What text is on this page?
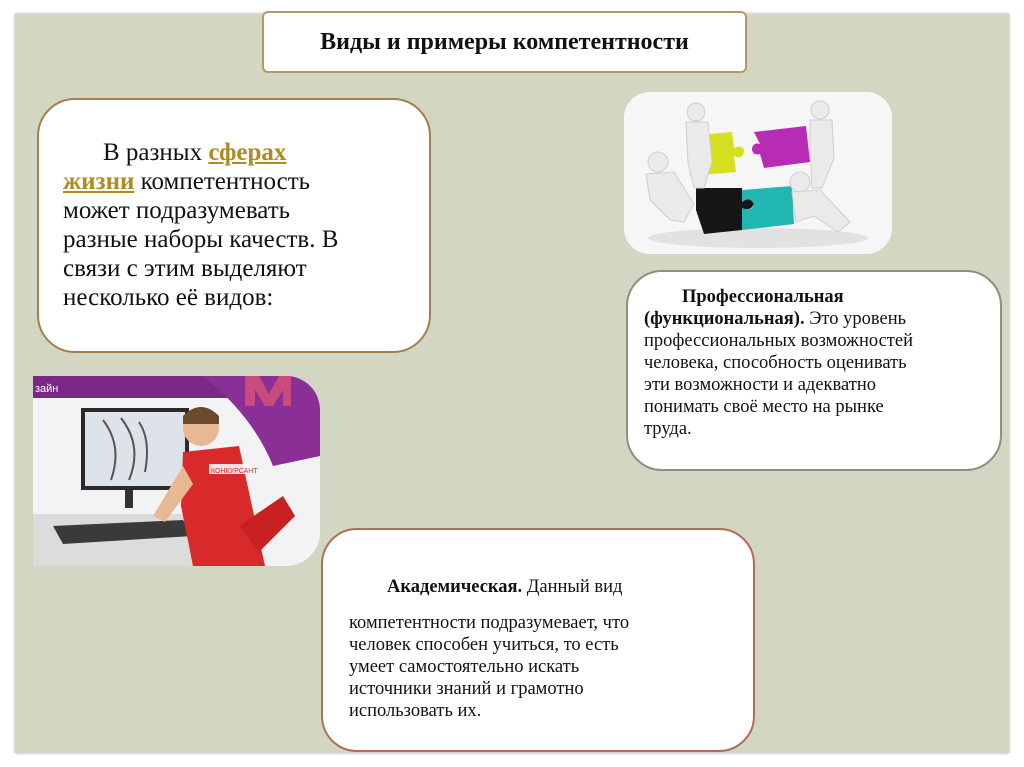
Виды и примеры компетентности
В разных сферах
жизни компетентность
может подразумевать
разные наборы качеств. В
связи с этим выделяют
несколько её видов:	Профессиональная
(функциональная). Это уровень
профессиональных возможностей
человека, способность оценивать
эти возможности и адекватно
понимать своё место на рынке
труда.
зайн
КОНКУРСАНТ
Академическая. Данный вид
компетентности подразумевает, что
человек способен учиться, то есть
умеет самостоятельно искать
источники знаний и грамотно
использовать их.
